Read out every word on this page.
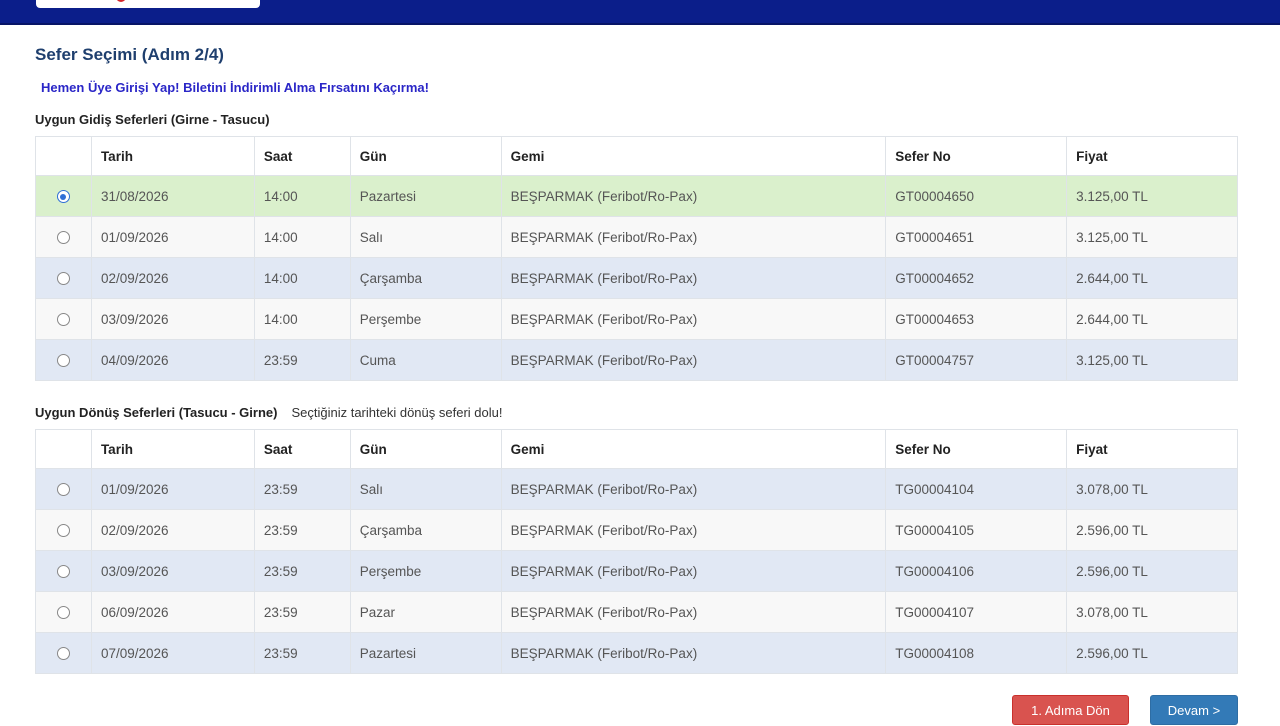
Sefer Seçimi (Adım 2/4)
Hemen Üye Girişi Yap! Biletini İndirimli Alma Fırsatını Kaçırma!
Uygun Gidiş Seferleri (Girne - Tasucu)
	Tarih	Saat	Gün	Gemi	Sefer No	Fiyat
	31/08/2026	14:00	Pazartesi	BEŞPARMAK (Feribot/Ro-Pax)	GT00004650	3.125,00 TL
	01/09/2026	14:00	Salı	BEŞPARMAK (Feribot/Ro-Pax)	GT00004651	3.125,00 TL
	02/09/2026	14:00	Çarşamba	BEŞPARMAK (Feribot/Ro-Pax)	GT00004652	2.644,00 TL
	03/09/2026	14:00	Perşembe	BEŞPARMAK (Feribot/Ro-Pax)	GT00004653	2.644,00 TL
	04/09/2026	23:59	Cuma	BEŞPARMAK (Feribot/Ro-Pax)	GT00004757	3.125,00 TL
Uygun Dönüş Seferleri (Tasucu - Girne) Seçtiğiniz tarihteki dönüş seferi dolu!
	Tarih	Saat	Gün	Gemi	Sefer No	Fiyat
	01/09/2026	23:59	Salı	BEŞPARMAK (Feribot/Ro-Pax)	TG00004104	3.078,00 TL
	02/09/2026	23:59	Çarşamba	BEŞPARMAK (Feribot/Ro-Pax)	TG00004105	2.596,00 TL
	03/09/2026	23:59	Perşembe	BEŞPARMAK (Feribot/Ro-Pax)	TG00004106	2.596,00 TL
	06/09/2026	23:59	Pazar	BEŞPARMAK (Feribot/Ro-Pax)	TG00004107	3.078,00 TL
	07/09/2026	23:59	Pazartesi	BEŞPARMAK (Feribot/Ro-Pax)	TG00004108	2.596,00 TL
1. Adıma Dön	Devam >
